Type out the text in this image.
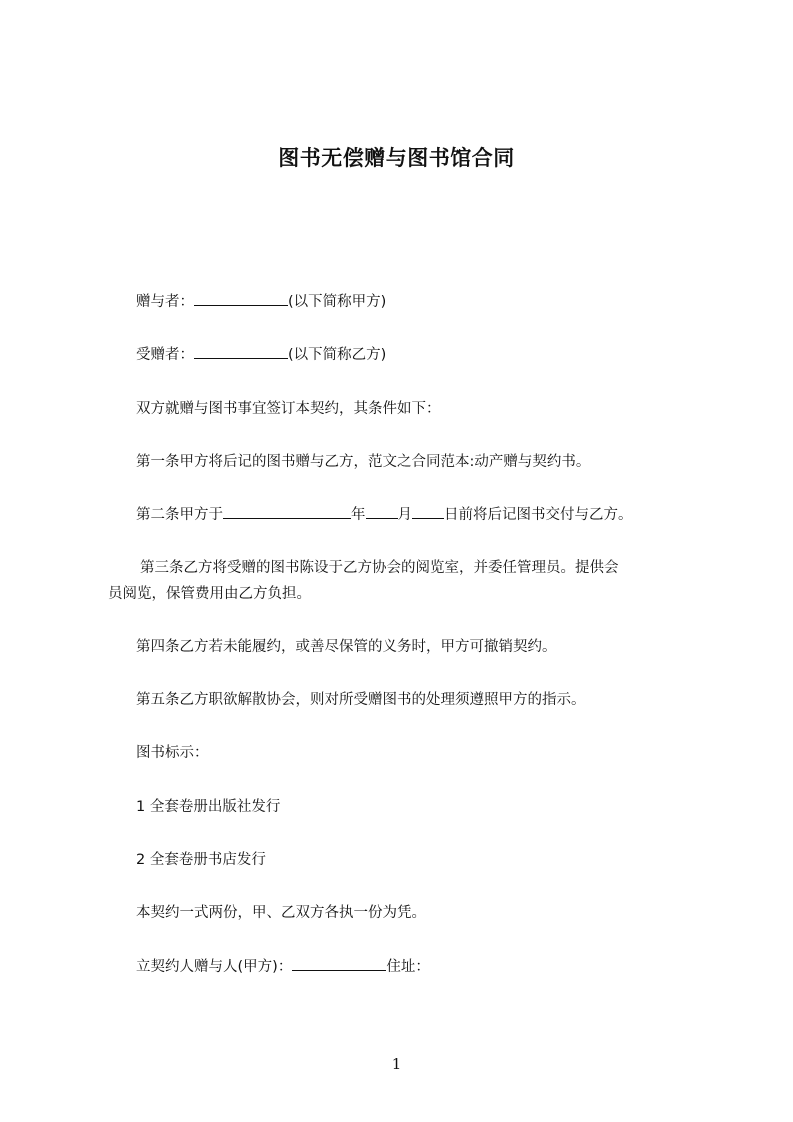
图书无偿赠与图书馆合同
赠与者：	(以下简称甲方)
受赠者：	(以下简称乙方)
双方就赠与图书事宜签订本契约，其条件如下：
第一条甲方将后记的图书赠与乙方，范文之合同范本:动产赠与契约书。
第二条甲方于	年 月 日前将后记图书交付与乙方。
第三条乙方将受赠的图书陈设于乙方协会的阅览室，并委任管理员。提供会员阅览，保管费用由乙方负担。
第四条乙方若未能履约，或善尽保管的义务时，甲方可撤销契约。
第五条乙方职欲解散协会，则对所受赠图书的处理须遵照甲方的指示。
图书标示：
1 全套卷册出版社发行
2 全套卷册书店发行
本契约一式两份，甲、乙双方各执一份为凭。
立契约人赠与人(甲方)：	住址：
1
